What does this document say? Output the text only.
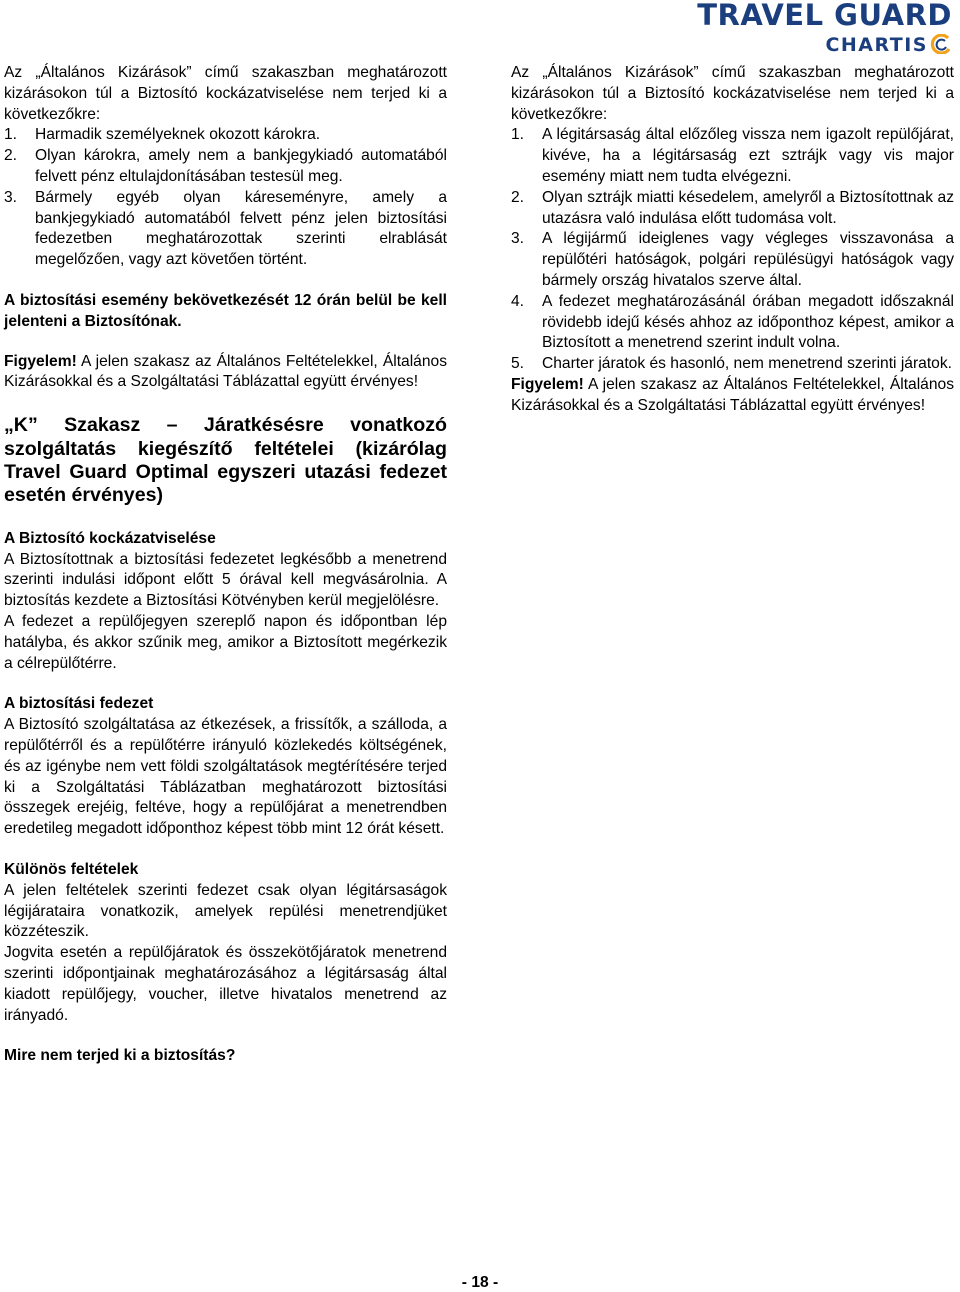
TRAVEL GUARD
CHARTIS

Az „Általános Kizárások” című szakaszban meghatározott kizárásokon túl a Biztosító kockázatviselése nem terjed ki a következőkre:

1.	Harmadik személyeknek okozott károkra.
2.	Olyan károkra, amely nem a bankjegykiadó automatából felvett pénz eltulajdonításában testesül meg.
3.	Bármely egyéb olyan káreseményre, amely a bankjegykiadó automatából felvett pénz jelen biztosítási fedezetben meghatározottak szerinti elrablását megelőzően, vagy azt követően történt.

A biztosítási esemény bekövetkezését 12 órán belül be kell jelenteni a Biztosítónak.

Figyelem! A jelen szakasz az Általános Feltételekkel, Általános Kizárásokkal és a Szolgáltatási Táblázattal együtt érvényes!

„K” Szakasz – Járatkésésre vonatkozó szolgáltatás kiegészítő feltételei (kizárólag Travel Guard Optimal egyszeri utazási fedezet esetén érvényes)

A Biztosító kockázatviselése

A Biztosítottnak a biztosítási fedezetet legkésőbb a menetrend szerinti indulási időpont előtt 5 órával kell megvásárolnia. A biztosítás kezdete a Biztosítási Kötvényben kerül megjelölésre.

A fedezet a repülőjegyen szereplő napon és időpontban lép hatályba, és akkor szűnik meg, amikor a Biztosított megérkezik a célrepülőtérre.

A biztosítási fedezet

A Biztosító szolgáltatása az étkezések, a frissítők, a szálloda, a repülőtérről és a repülőtérre irányuló közlekedés költségének, és az igénybe nem vett földi szolgáltatások megtérítésére terjed ki a Szolgáltatási Táblázatban meghatározott biztosítási összegek erejéig, feltéve, hogy a repülőjárat a menetrendben eredetileg megadott időponthoz képest több mint 12 órát késett.

Különös feltételek

A jelen feltételek szerinti fedezet csak olyan légitársaságok légijárataira vonatkozik, amelyek repülési menetrendjüket közzéteszik.

Jogvita esetén a repülőjáratok és összekötőjáratok menetrend szerinti időpontjainak meghatározásához a légitársaság által kiadott repülőjegy, voucher, illetve hivatalos menetrend az irányadó.

Mire nem terjed ki a biztosítás?

Az „Általános Kizárások” című szakaszban meghatározott kizárásokon túl a Biztosító kockázatviselése nem terjed ki a következőkre:

1.	A légitársaság által előzőleg vissza nem igazolt repülőjárat, kivéve, ha a légitársaság ezt sztrájk vagy vis major esemény miatt nem tudta elvégezni.
2.	Olyan sztrájk miatti késedelem, amelyről a Biztosítottnak az utazásra való indulása előtt tudomása volt.
3.	A légijármű ideiglenes vagy végleges visszavonása a repülőtéri hatóságok, polgári repülésügyi hatóságok vagy bármely ország hivatalos szerve által.
4.	A fedezet meghatározásánál órában megadott időszaknál rövidebb idejű késés ahhoz az időponthoz képest, amikor a Biztosított a menetrend szerint indult volna.
5.	Charter járatok és hasonló, nem menetrend szerinti járatok.

Figyelem! A jelen szakasz az Általános Feltételekkel, Általános Kizárásokkal és a Szolgáltatási Táblázattal együtt érvényes!

- 18 -
